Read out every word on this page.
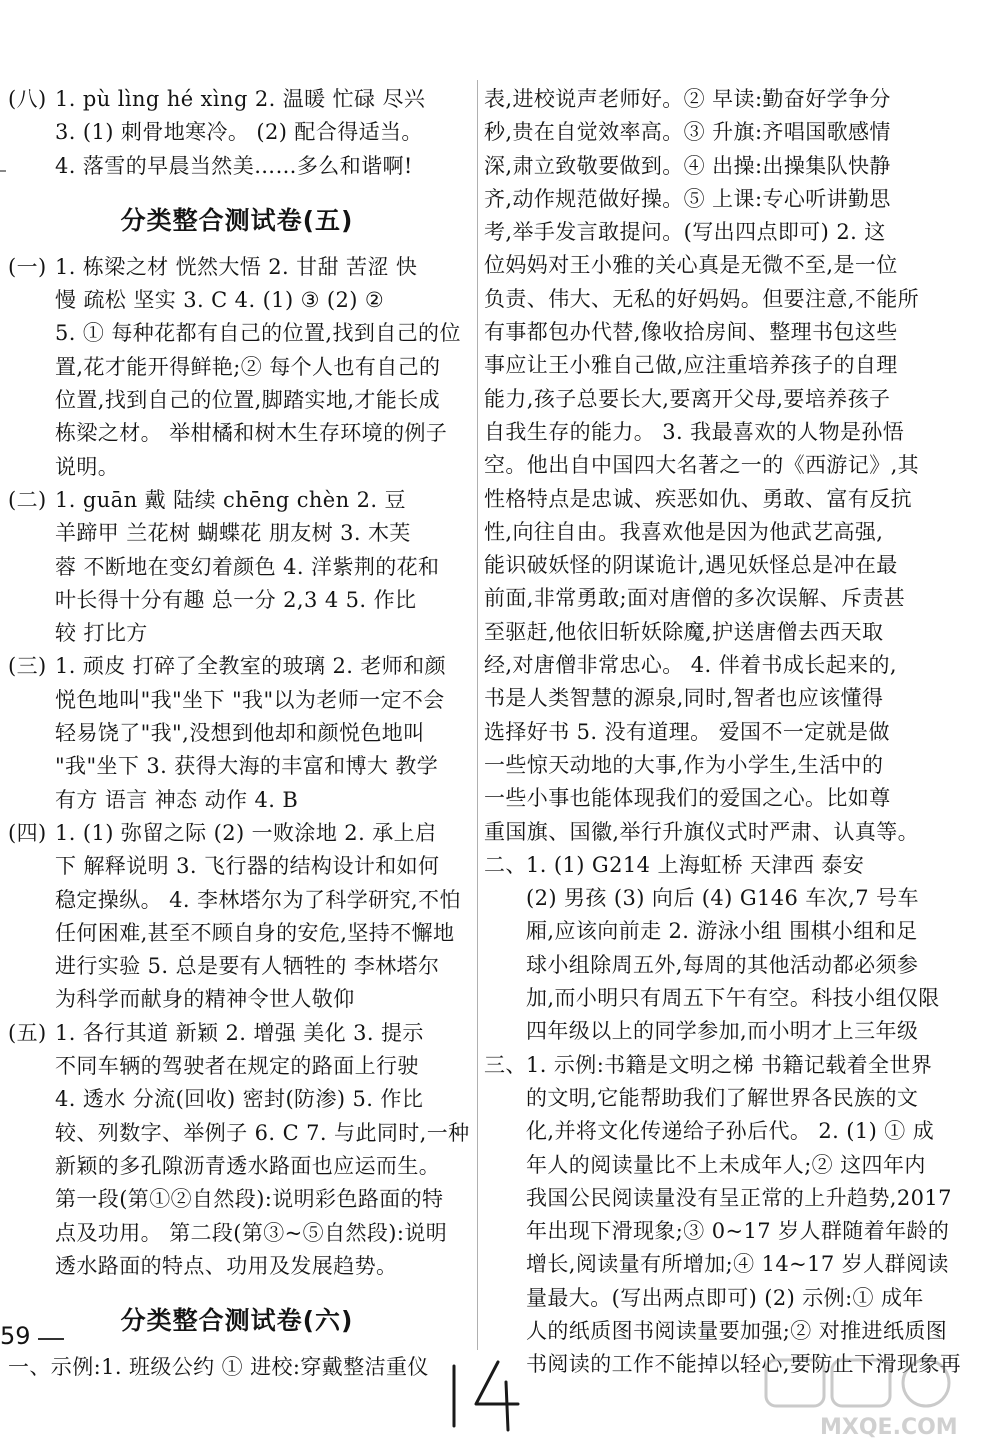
(八) 1. pù lìng hé xìng 2. 温暖 忙碌 尽兴
3. (1) 刺骨地寒冷。 (2) 配合得适当。
4. 落雪的早晨当然美……多么和谐啊!
分类整合测试卷(五)
(一) 1. 栋梁之材 恍然大悟 2. 甘甜 苦涩 快
慢 疏松 坚实 3. C 4. (1) ③ (2) ②
5. ① 每种花都有自己的位置,找到自己的位
置,花才能开得鲜艳;② 每个人也有自己的
位置,找到自己的位置,脚踏实地,才能长成
栋梁之材。 举柑橘和树木生存环境的例子
说明。
(二) 1. guān 戴 陆续 chēng chèn 2. 豆
羊蹄甲 兰花树 蝴蝶花 朋友树 3. 木芙
蓉 不断地在变幻着颜色 4. 洋紫荆的花和
叶长得十分有趣 总一分 2,3 4 5. 作比
较 打比方
(三) 1. 顽皮 打碎了全教室的玻璃 2. 老师和颜
悦色地叫"我"坐下 "我"以为老师一定不会
轻易饶了"我",没想到他却和颜悦色地叫
"我"坐下 3. 获得大海的丰富和博大 教学
有方 语言 神态 动作 4. B
(四) 1. (1) 弥留之际 (2) 一败涂地 2. 承上启
下 解释说明 3. 飞行器的结构设计和如何
稳定操纵。 4. 李林塔尔为了科学研究,不怕
任何困难,甚至不顾自身的安危,坚持不懈地
进行实验 5. 总是要有人牺牲的 李林塔尔
为科学而献身的精神令世人敬仰
(五) 1. 各行其道 新颖 2. 增强 美化 3. 提示
不同车辆的驾驶者在规定的路面上行驶
4. 透水 分流(回收) 密封(防渗) 5. 作比
较、列数字、举例子 6. C 7. 与此同时,一种
新颖的多孔隙沥青透水路面也应运而生。
第一段(第①②自然段):说明彩色路面的特
点及功用。 第二段(第③~⑤自然段):说明
透水路面的特点、功用及发展趋势。
分类整合测试卷(六)
一、示例:1. 班级公约 ① 进校:穿戴整洁重仪
表,进校说声老师好。② 早读:勤奋好学争分
秒,贵在自觉效率高。③ 升旗:齐唱国歌感情
深,肃立致敬要做到。④ 出操:出操集队快静
齐,动作规范做好操。⑤ 上课:专心听讲勤思
考,举手发言敢提问。(写出四点即可) 2. 这
位妈妈对王小雅的关心真是无微不至,是一位
负责、伟大、无私的好妈妈。但要注意,不能所
有事都包办代替,像收拾房间、整理书包这些
事应让王小雅自己做,应注重培养孩子的自理
能力,孩子总要长大,要离开父母,要培养孩子
自我生存的能力。 3. 我最喜欢的人物是孙悟
空。他出自中国四大名著之一的《西游记》,其
性格特点是忠诚、疾恶如仇、勇敢、富有反抗
性,向往自由。我喜欢他是因为他武艺高强,
能识破妖怪的阴谋诡计,遇见妖怪总是冲在最
前面,非常勇敢;面对唐僧的多次误解、斥责甚
至驱赶,他依旧斩妖除魔,护送唐僧去西天取
经,对唐僧非常忠心。 4. 伴着书成长起来的,
书是人类智慧的源泉,同时,智者也应该懂得
选择好书 5. 没有道理。 爱国不一定就是做
一些惊天动地的大事,作为小学生,生活中的
一些小事也能体现我们的爱国之心。比如尊
重国旗、国徽,举行升旗仪式时严肃、认真等。
二、 1. (1) G214 上海虹桥 天津西 泰安
(2) 男孩 (3) 向后 (4) G146 车次,7 号车
厢,应该向前走 2. 游泳小组 围棋小组和足
球小组除周五外,每周的其他活动都必须参
加,而小明只有周五下午有空。科技小组仅限
四年级以上的同学参加,而小明才上三年级
三、 1. 示例:书籍是文明之梯 书籍记载着全世界
的文明,它能帮助我们了解世界各民族的文
化,并将文化传递给子孙后代。 2. (1) ① 成
年人的阅读量比不上未成年人;② 这四年内
我国公民阅读量没有呈正常的上升趋势,2017
年出现下滑现象;③ 0~17 岁人群随着年龄的
增长,阅读量有所增加;④ 14~17 岁人群阅读
量最大。(写出两点即可) (2) 示例:① 成年
人的纸质图书阅读量要加强;② 对推进纸质图
书阅读的工作不能掉以轻心,要防止下滑现象再
59
MXQE.COM
